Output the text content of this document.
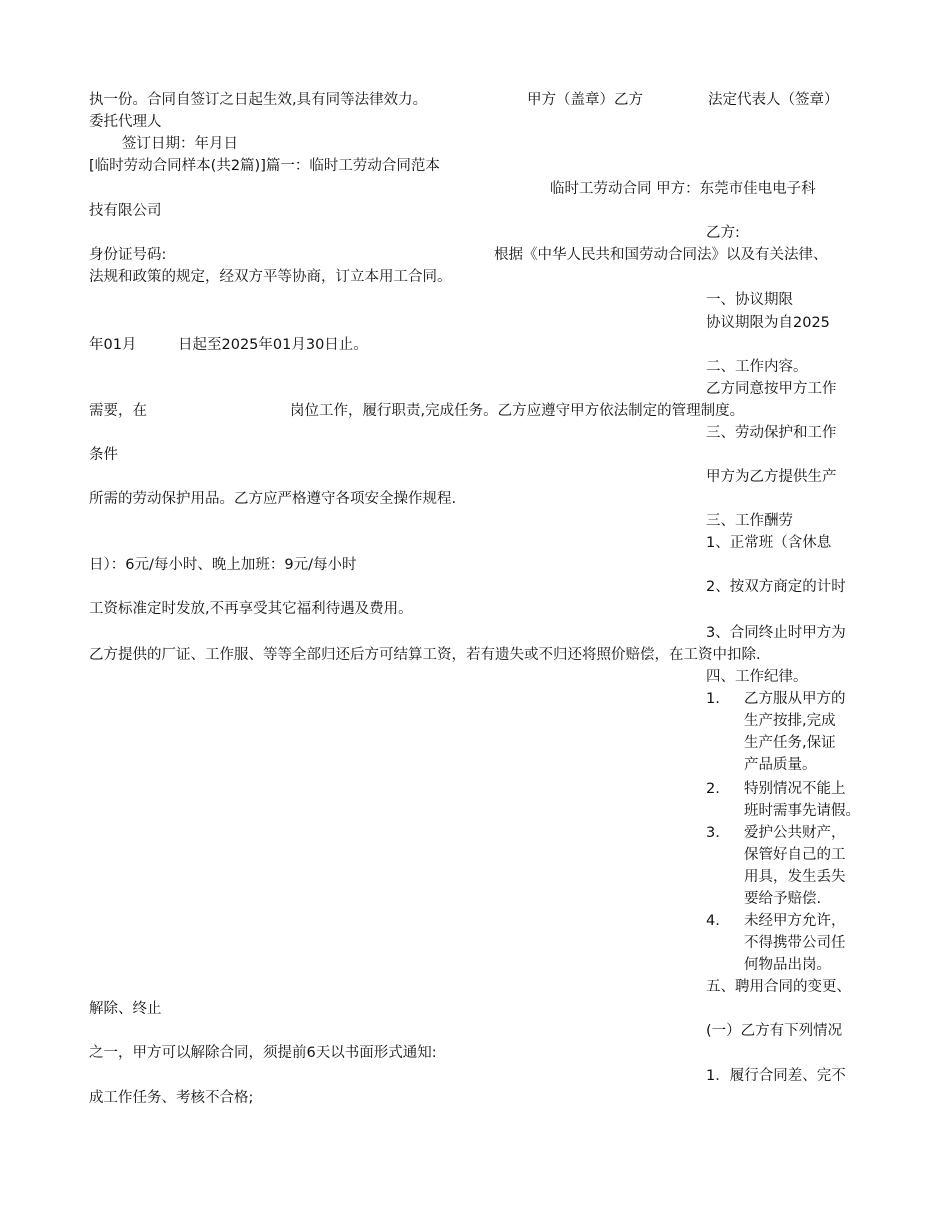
执一份。合同自签订之日起生效,具有同等法律效力。	甲方（盖章）乙方	法定代表人（签章）
委托代理人
签订日期：年月日
[临时劳动合同样本(共2篇)]篇一：临时工劳动合同范本
临时工劳动合同 甲方：东莞市佳电电子科
技有限公司
乙方:
身份证号码:	根据《中华人民共和国劳动合同法》以及有关法律、
法规和政策的规定，经双方平等协商，订立本用工合同。
一、协议期限
协议期限为自2025
年01月	日起至2025年01月30日止。
二、工作内容。
乙方同意按甲方工作
需要，在	岗位工作，履行职责,完成任务。乙方应遵守甲方依法制定的管理制度。
三、劳动保护和工作
条件
甲方为乙方提供生产
所需的劳动保护用品。乙方应严格遵守各项安全操作规程.
三、工作酬劳
1、正常班（含休息
日）：6元/每小时、晚上加班：9元/每小时
2、按双方商定的计时
工资标准定时发放,不再享受其它福利待遇及费用。
3、合同终止时甲方为
乙方提供的厂证、工作服、等等全部归还后方可结算工资，若有遗失或不归还将照价赔偿，在工资中扣除.
四、工作纪律。
1. 乙方服从甲方的
生产按排,完成
生产任务,保证
产品质量。
2. 特别情况不能上
班时需事先请假。
3. 爱护公共财产，
保管好自己的工
用具，发生丢失
要给予赔偿.
4. 未经甲方允许，
不得携带公司任
何物品出岗。
五、聘用合同的变更、
解除、终止
(一）乙方有下列情况
之一，甲方可以解除合同，须提前6天以书面形式通知:
1．履行合同差、完不
成工作任务、考核不合格;
